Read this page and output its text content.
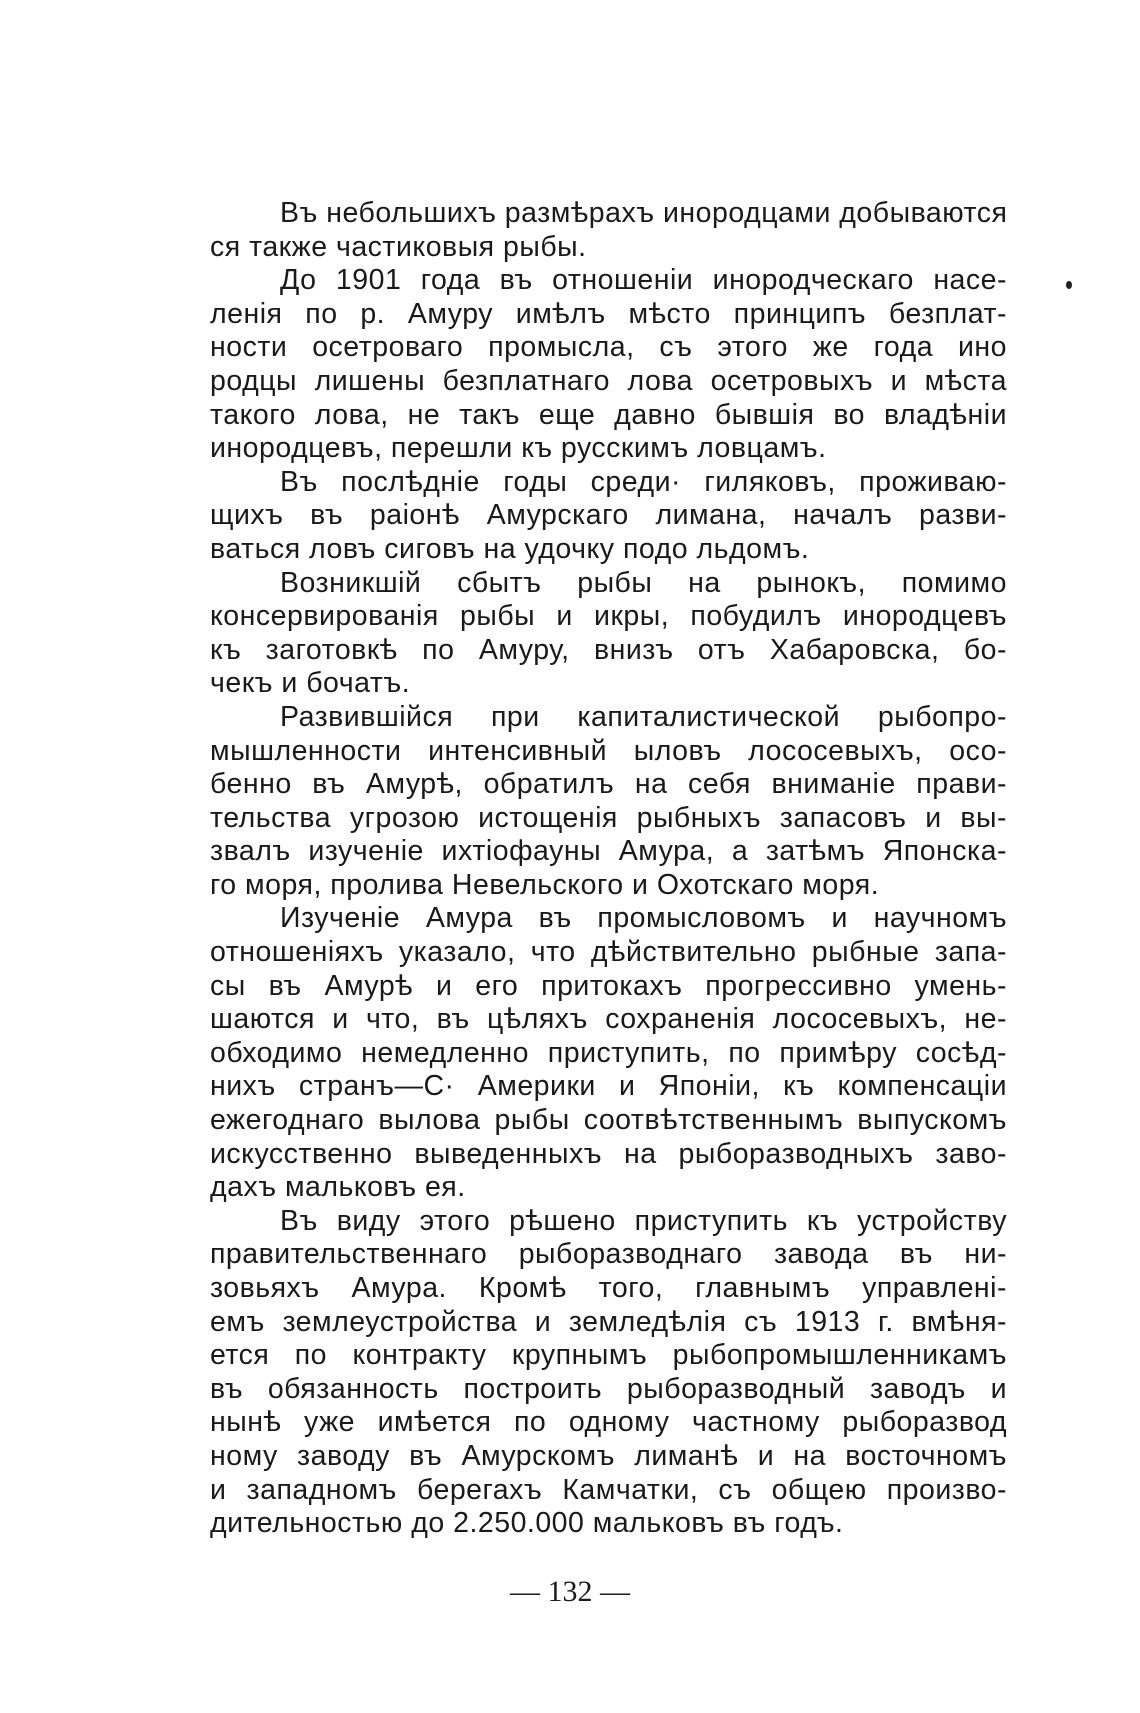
Въ небольшихъ размѣрахъ инородцами добываются
ся также частиковыя рыбы.
До 1901 года въ отношенiи инородческаго насе-
ленiя по р. Амуру имѣлъ мѣсто принципъ безплат-
ности осетроваго промысла, съ этого же года ино
родцы лишены безплатнаго лова осетровыхъ и мѣста
такого лова, не такъ еще давно бывшiя во владѣнiи
инородцевъ, перешли къ русскимъ ловцамъ.
Въ послѣднiе годы среди· гиляковъ, проживаю-
щихъ въ раiонѣ Амурскаго лимана, началъ разви-
ваться ловъ сиговъ на удочку подо льдомъ.
Возникшiй сбытъ рыбы на рынокъ, помимо
консервированiя рыбы и икры, побудилъ инородцевъ
къ заготовкѣ по Амуру, внизъ отъ Хабаровска, бо-
чекъ и бочатъ.
Развившiйся при капиталистической рыбопро-
мышленности интенсивный ыловъ лососевыхъ, осо-
бенно въ Амурѣ, обратилъ на себя вниманiе прави-
тельства угрозою истощенiя рыбныхъ запасовъ и вы-
звалъ изученiе ихтiофауны Амура, а затѣмъ Японска-
го моря, пролива Невельского и Охотскаго моря.
Изученiе Амура въ промысловомъ и научномъ
отношенiяхъ указало, что дѣйствительно рыбные запа-
сы въ Амурѣ и его притокахъ прогрессивно умень-
шаются и что, въ цѣляхъ сохраненiя лососевыхъ, не-
обходимо немедленно приступить, по примѣру сосѣд-
нихъ странъ—С· Америки и Японiи, къ компенсацiи
ежегоднаго вылова рыбы соотвѣтственнымъ выпускомъ
искусственно выведенныхъ на рыборазводныхъ заво-
дахъ мальковъ ея.
Въ виду этого рѣшено приступить къ устройству
правительственнаго рыборазводнаго завода въ ни-
зовьяхъ Амура. Кромѣ того, главнымъ управленi-
емъ землеустройства и земледѣлiя съ 1913 г. вмѣня-
ется по контракту крупнымъ рыбопромышленникамъ
въ обязанность построить рыборазводный заводъ и
нынѣ уже имѣется по одному частному рыборазвод
ному заводу въ Амурскомъ лиманѣ и на восточномъ
и западномъ берегахъ Камчатки, съ общею произво-
дительностью до 2.250.000 мальковъ въ годъ.
— 132 —
